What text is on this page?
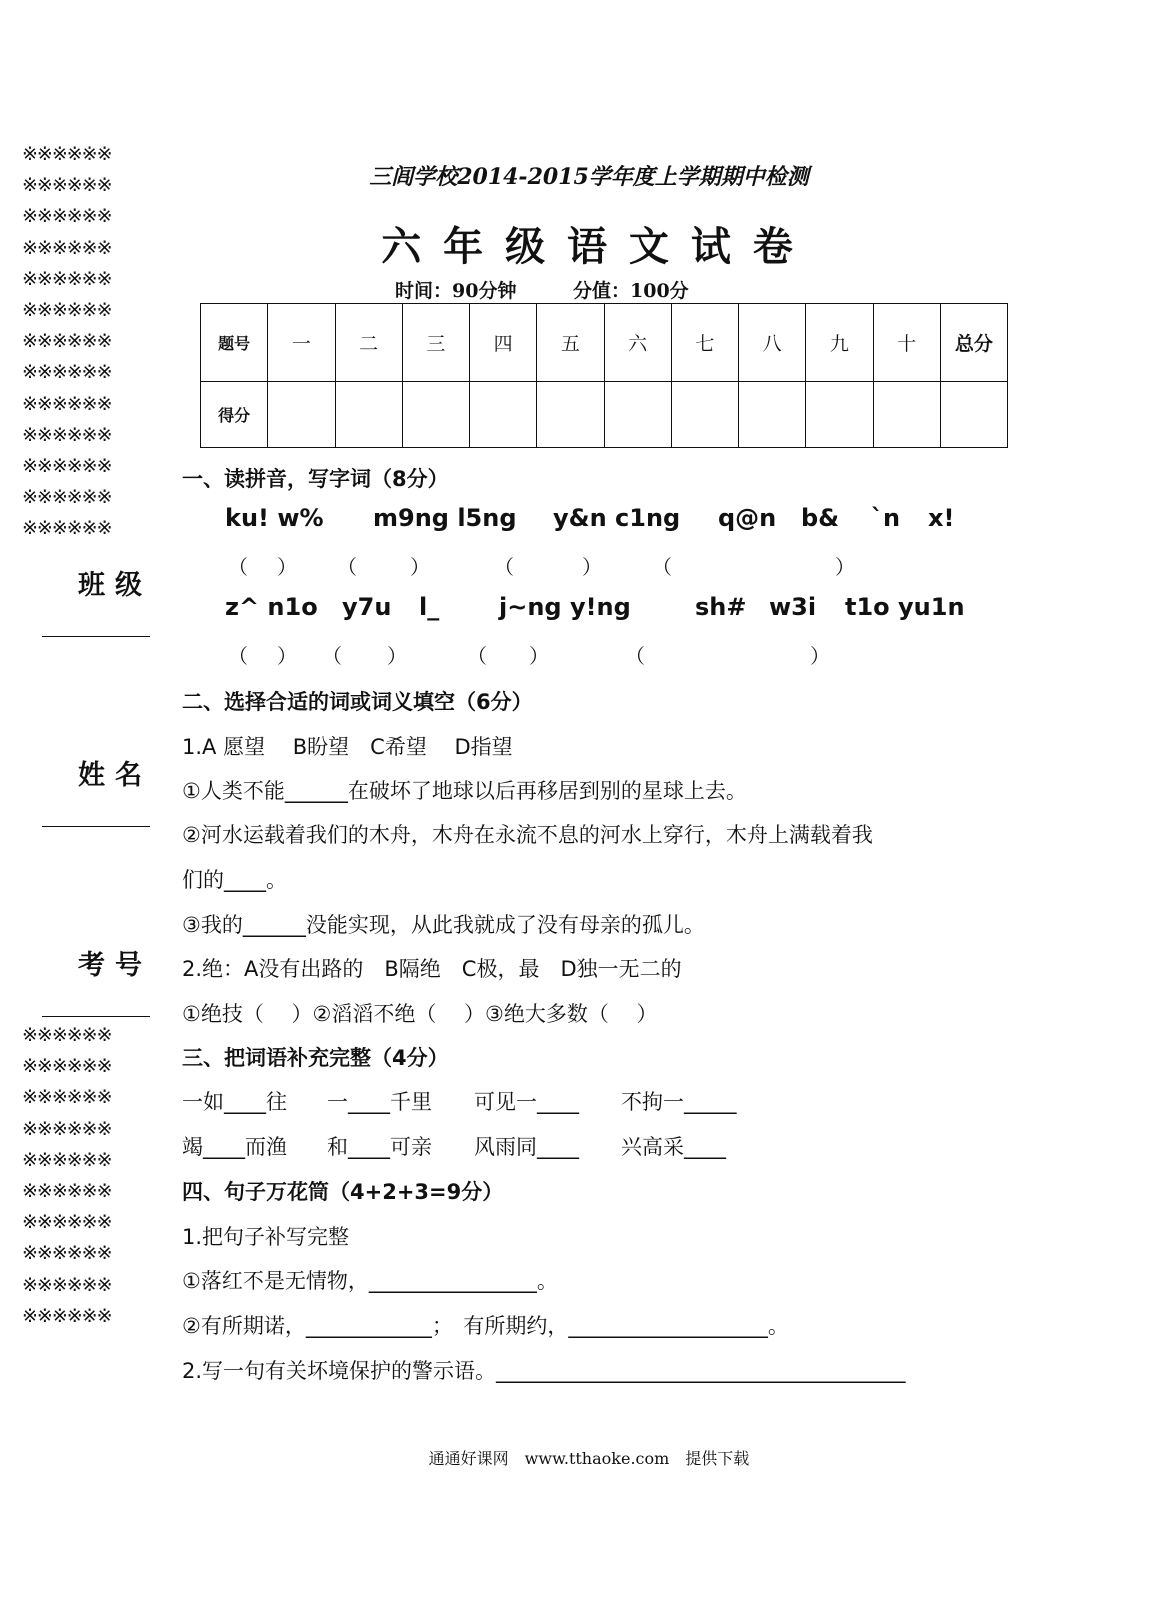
※※※※※※
※※※※※※
※※※※※※
※※※※※※
※※※※※※
※※※※※※
※※※※※※
※※※※※※
※※※※※※
※※※※※※
※※※※※※
※※※※※※
※※※※※※
班级
姓名
考号
※※※※※※
※※※※※※
※※※※※※
※※※※※※
※※※※※※
※※※※※※
※※※※※※
※※※※※※
※※※※※※
※※※※※※
三闾学校2014-2015学年度上学期期中检测
六 年 级 语 文 试 卷
时间：90分钟	分值：100分
题号	一	二	三	四	五	六	七	八	九	十	总分
得分											
一、读拼音，写字词（8分）
ku! w% m9ng l5ng y&n c1ng q@n b& `n x!
（ ） （	）	（	）	（	）
z^ n1o y7u l_ j~ng y!ng	sh# w3i t1o yu1n
（ ） （ ）	（ ）	（	）
二、选择合适的词或词义填空（6分）
1.A 愿望　 B盼望　C希望　 D指望
①人类不能______在破坏了地球以后再移居到别的星球上去。
②河水运载着我们的木舟，木舟在永流不息的河水上穿行，木舟上满载着我
们的____。
③我的______没能实现，从此我就成了没有母亲的孤儿。
2.绝：A没有出路的　B隔绝　C极，最　D独一无二的
①绝技（　 ）②滔滔不绝（　 ）③绝大多数（　 ）
三、把词语补充完整（4分）
一如____往 一____千里 可见一____ 不拘一_____
竭____而渔 和____可亲 风雨同____ 兴高采____
四、句子万花筒（4+2+3=9分）
1.把句子补写完整
①落红不是无情物，________________。
②有所期诺，____________；　有所期约，___________________。
2.写一句有关坏境保护的警示语。_______________________________________
通通好课网　www.tthaoke.com　提供下载
